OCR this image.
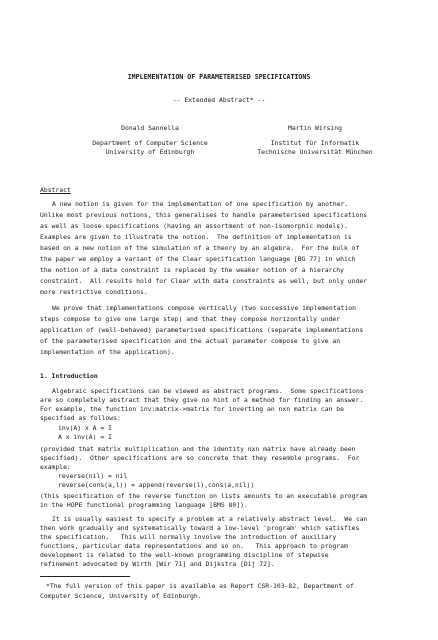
IMPLEMENTATION OF PARAMETERISED SPECIFICATIONS
-- Extended Abstract* --
Donald Sannella
Department of Computer Science
University of Edinburgh
Martin Wirsing
Institut für Informatik
Technische Universität München
Abstract
A new notion is given for the implementation of one specification by another.
Unlike most previous notions, this generalises to handle parameterised specifications
as well as loose specifications (having an assortment of non-isomorphic models).
Examples are given to illustrate the notion.  The definition of implementation is
based on a new notion of the simulation of a theory by an algebra.  For the bulk of
the paper we employ a variant of the Clear specification language [BG 77] in which
the notion of a data constraint is replaced by the weaker notion of a hierarchy
constraint.  All results hold for Clear with data constraints as well, but only under
more restrictive conditions.
We prove that implementations compose vertically (two successive implementation
steps compose to give one large step) and that they compose horizontally under
application of (well-behaved) parameterised specifications (separate implementations
of the parameterised specification and the actual parameter compose to give an
implementation of the application).
1. Introduction
Algebraic specifications can be viewed as abstract programs.  Some specifications
are so completely abstract that they give no hint of a method for finding an answer.
For example, the function inv:matrix->matrix for inverting an nxn matrix can be
specified as follows:
inv(A) x A = I
A x inv(A) = I
(provided that matrix multiplication and the identity nxn matrix have already been
specified).  Other specifications are so concrete that they resemble programs.  For
example:
reverse(nil) = nil
reverse(cons(a,l)) = append(reverse(l),cons(a,nil))
(this specification of the reverse function on lists amounts to an executable program
in the HOPE functional programming language [BMS 80]).
It is usually easiest to specify a problem at a relatively abstract level.  We can
then work gradually and systematically toward a low-level 'program' which satisfies
the specification.   This will normally involve the introduction of auxiliary
functions, particular data representations and so on.   This approach to program
development is related to the well-known programming discipline of stepwise
refinement advocated by Wirth [Wir 71] and Dijkstra [Dij 72].
*The full version of this paper is available as Report CSR-103-82, Department of
Computer Science, University of Edinburgh.
